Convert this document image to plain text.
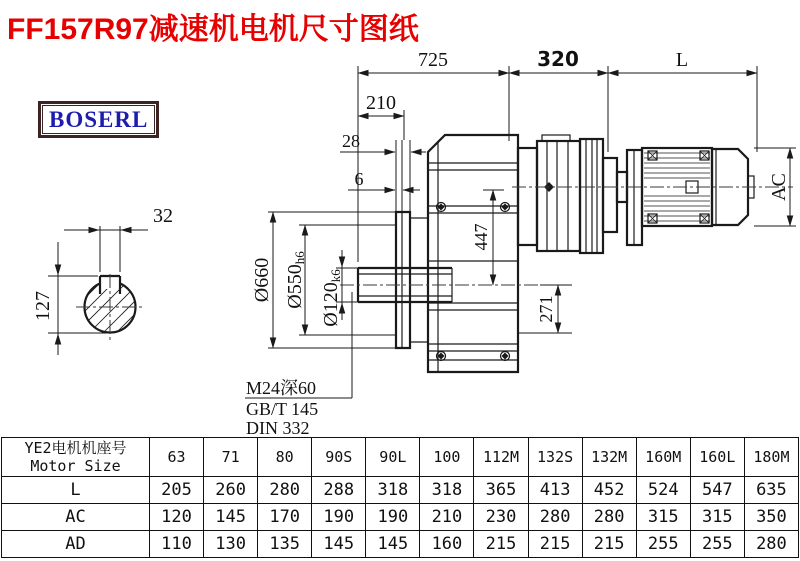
FF157R97减速机电机尺寸图纸
BOSERL
32
127
M24深60
GB/T 145
DIN 332
725	320	L
210
28
6
Ø660 Ø550h6
Ø120k6
447
271
AC
YE2电机机座号
Motor Size	63	71	80	90S	90L	100	112M	132S	132M	160M	160L	180M
L	205	260	280	288	318	318	365	413	452	524	547	635
AC	120	145	170	190	190	210	230	280	280	315	315	350
AD	110	130	135	145	145	160	215	215	215	255	255	280
